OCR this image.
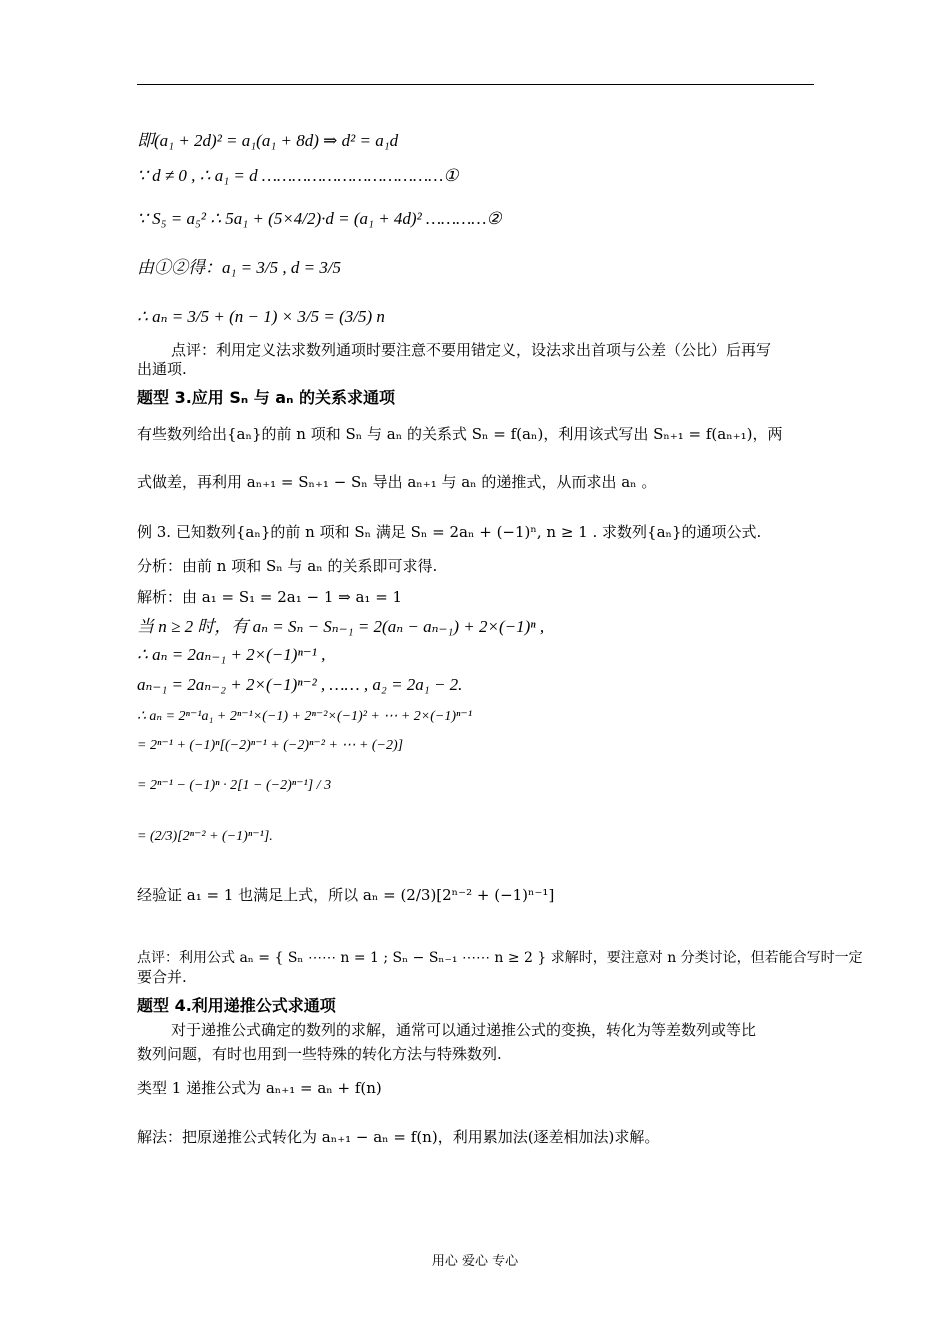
即(a₁ + 2d)² = a₁(a₁ + 8d) ⇒ d² = a₁d
∵ d ≠ 0 , ∴ a₁ = d ………………………………①
∵ S₅ = a₅² ∴ 5a₁ + (5×4/2)·d = (a₁ + 4d)² …………②
由①②得：a₁ = 3/5 , d = 3/5
∴ aₙ = 3/5 + (n − 1) × 3/5 = (3/5) n
点评：利用定义法求数列通项时要注意不要用错定义，设法求出首项与公差（公比）后再写
出通项.
题型 3.应用 Sₙ 与 aₙ 的关系求通项
有些数列给出{aₙ}的前 n 项和 Sₙ 与 aₙ 的关系式 Sₙ = f(aₙ)，利用该式写出 Sₙ₊₁ = f(aₙ₊₁)，两
式做差，再利用 aₙ₊₁ = Sₙ₊₁ − Sₙ 导出 aₙ₊₁ 与 aₙ 的递推式，从而求出 aₙ 。
例 3. 已知数列{aₙ}的前 n 项和 Sₙ 满足 Sₙ = 2aₙ + (−1)ⁿ, n ≥ 1 . 求数列{aₙ}的通项公式.
分析：由前 n 项和 Sₙ 与 aₙ 的关系即可求得.
解析：由 a₁ = S₁ = 2a₁ − 1 ⇒ a₁ = 1
当 n ≥ 2 时，有 aₙ = Sₙ − Sₙ₋₁ = 2(aₙ − aₙ₋₁) + 2×(−1)ⁿ ,
∴ aₙ = 2aₙ₋₁ + 2×(−1)ⁿ⁻¹ ,
aₙ₋₁ = 2aₙ₋₂ + 2×(−1)ⁿ⁻² , …… , a₂ = 2a₁ − 2.
∴ aₙ = 2ⁿ⁻¹a₁ + 2ⁿ⁻¹×(−1) + 2ⁿ⁻²×(−1)² + ⋯ + 2×(−1)ⁿ⁻¹
= 2ⁿ⁻¹ + (−1)ⁿ[(−2)ⁿ⁻¹ + (−2)ⁿ⁻² + ⋯ + (−2)]
= 2ⁿ⁻¹ − (−1)ⁿ · 2[1 − (−2)ⁿ⁻¹] / 3
= (2/3)[2ⁿ⁻² + (−1)ⁿ⁻¹].
经验证 a₁ = 1 也满足上式，所以 aₙ = (2/3)[2ⁿ⁻² + (−1)ⁿ⁻¹]
点评：利用公式 aₙ = { Sₙ ⋯⋯ n = 1 ; Sₙ − Sₙ₋₁ ⋯⋯ n ≥ 2 } 求解时，要注意对 n 分类讨论，但若能合写时一定
要合并.
题型 4.利用递推公式求通项
对于递推公式确定的数列的求解，通常可以通过递推公式的变换，转化为等差数列或等比
数列问题，有时也用到一些特殊的转化方法与特殊数列.
类型 1 递推公式为 aₙ₊₁ = aₙ + f(n)
解法：把原递推公式转化为 aₙ₊₁ − aₙ = f(n)，利用累加法(逐差相加法)求解。
用心 爱心 专心
